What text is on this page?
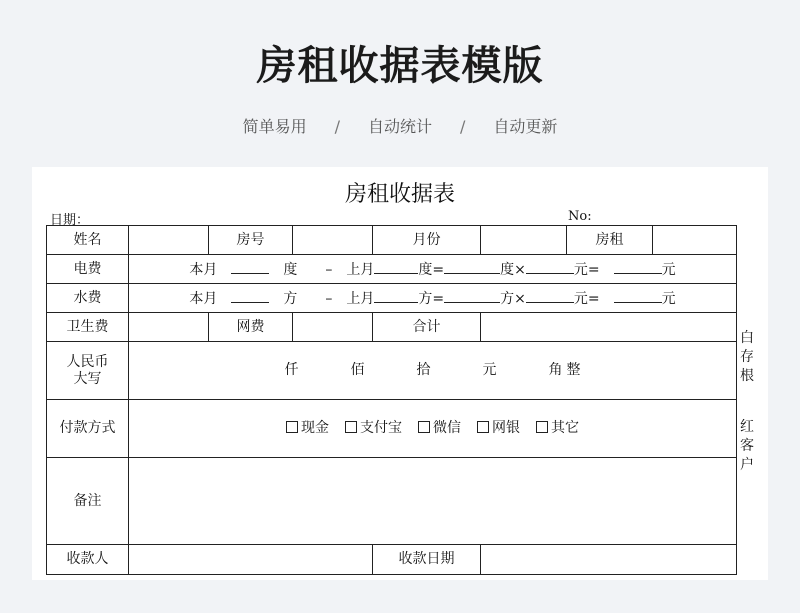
房租收据表模版
简单易用 / 自动统计 / 自动更新
房租收据表
日期：	No:
姓名		房号		月份		房租	
电费	本月 度 – 上月 度= 度× 元= 元						
水费	本月 方 – 上月 方= 方× 元= 元						
卫生费		网费		合计			

人民币
大写	仟 佰 拾 元 角 整						
付款方式	现金 支付宝 微信 网银 其它						
备注							
收款人				收款日期			
白
存
根
红
客
户
